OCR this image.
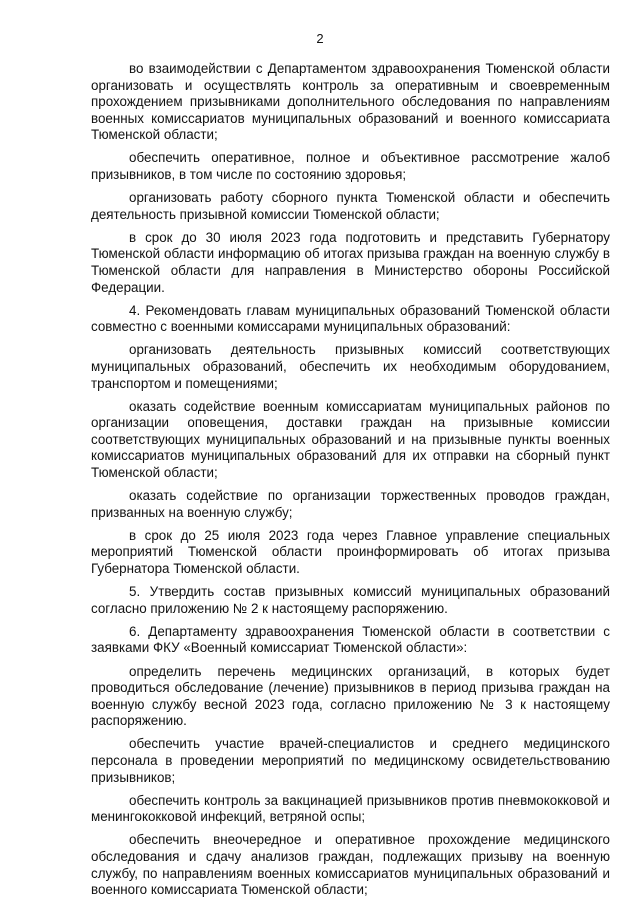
2

во взаимодействии с Департаментом здравоохранения Тюменской области организовать и осуществлять контроль за оперативным и своевременным прохождением призывниками дополнительного обследования по направлениям военных комиссариатов муниципальных образований и военного комиссариата Тюменской области;

обеспечить оперативное, полное и объективное рассмотрение жалоб призывников, в том числе по состоянию здоровья;

организовать работу сборного пункта Тюменской области и обеспечить деятельность призывной комиссии Тюменской области;

в срок до 30 июля 2023 года подготовить и представить Губернатору Тюменской области информацию об итогах призыва граждан на военную службу в Тюменской области для направления в Министерство обороны Российской Федерации.

4. Рекомендовать главам муниципальных образований Тюменской области совместно с военными комиссарами муниципальных образований:

организовать деятельность призывных комиссий соответствующих муниципальных образований, обеспечить их необходимым оборудованием, транспортом и помещениями;

оказать содействие военным комиссариатам муниципальных районов по организации оповещения, доставки граждан на призывные комиссии соответствующих муниципальных образований и на призывные пункты военных комиссариатов муниципальных образований для их отправки на сборный пункт Тюменской области;

оказать содействие по организации торжественных проводов граждан, призванных на военную службу;

в срок до 25 июля 2023 года через Главное управление специальных мероприятий Тюменской области проинформировать об итогах призыва Губернатора Тюменской области.

5. Утвердить состав призывных комиссий муниципальных образований согласно приложению № 2 к настоящему распоряжению.

6. Департаменту здравоохранения Тюменской области в соответствии с заявками ФКУ «Военный комиссариат Тюменской области»:

определить перечень медицинских организаций, в которых будет проводиться обследование (лечение) призывников в период призыва граждан на военную службу весной 2023 года, согласно приложению № 3 к настоящему распоряжению.

обеспечить участие врачей-специалистов и среднего медицинского персонала в проведении мероприятий по медицинскому освидетельствованию призывников;

обеспечить контроль за вакцинацией призывников против пневмококковой и менингококковой инфекций, ветряной оспы;

обеспечить внеочередное и оперативное прохождение медицинского обследования и сдачу анализов граждан, подлежащих призыву на военную службу, по направлениям военных комиссариатов муниципальных образований и военного комиссариата Тюменской области;
